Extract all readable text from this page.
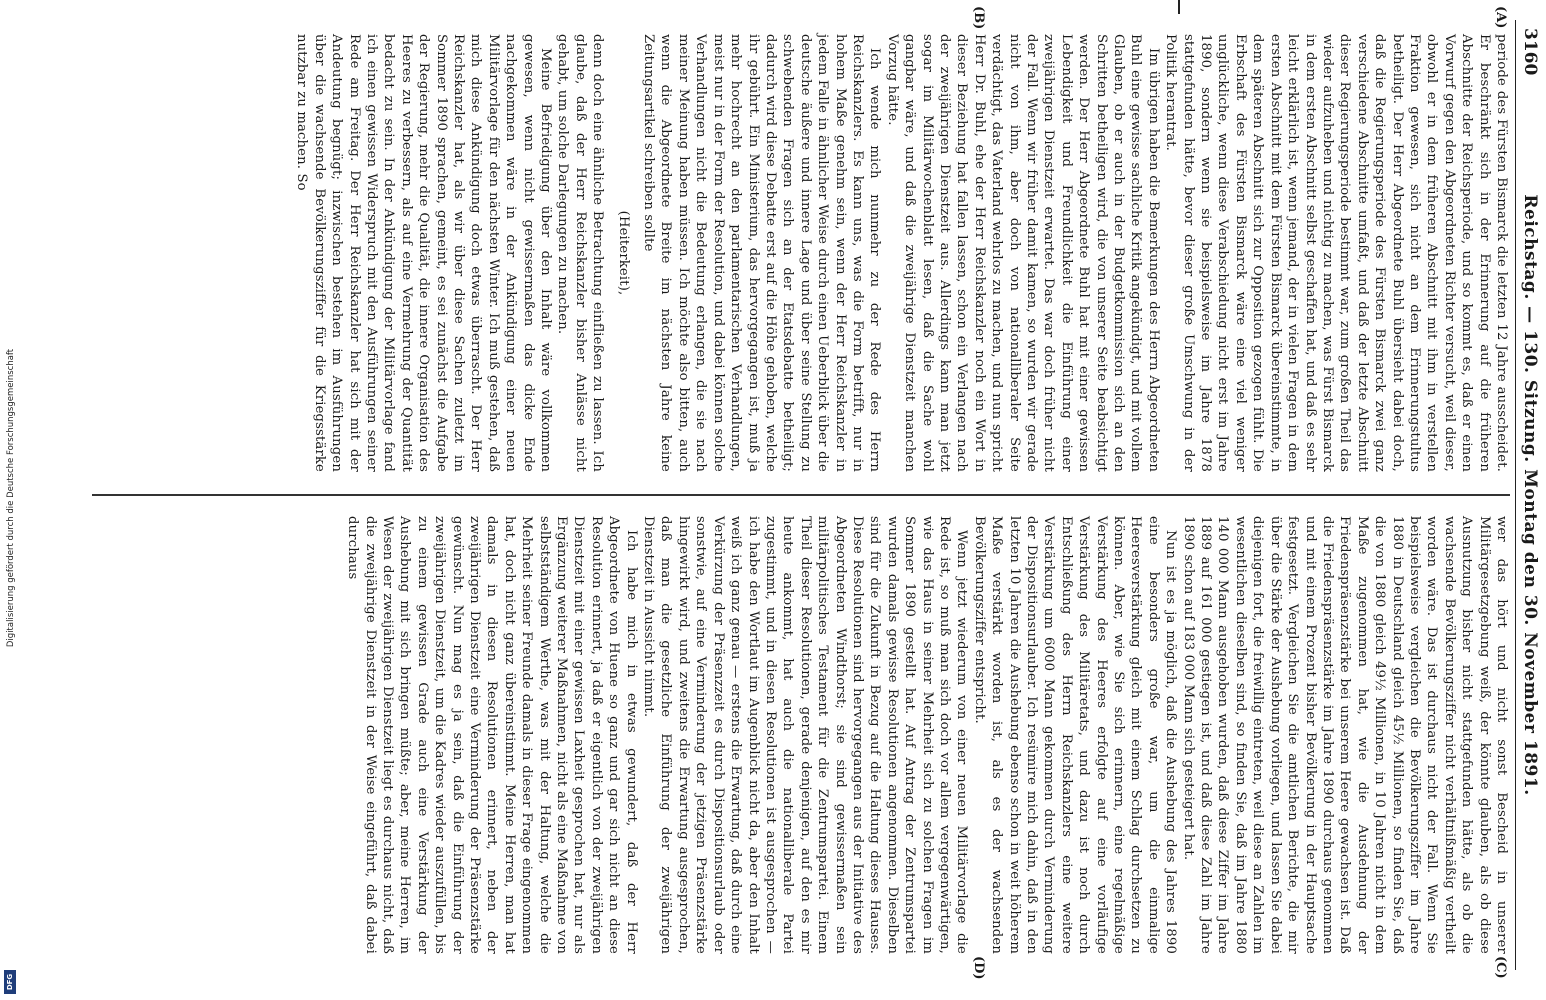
Digitalisierung gefördert durch die Deutsche Forschungsgemeinschaft
DFG
3160
Reichstag. — 130. Sitzung. Montag den 30. November 1891.
(A)
(B)
(C)
(D)

periode des Fürsten Bismarck die letzten 12 Jahre ausscheidet. Er beschränkt sich in der Erinnerung auf die früheren Abschnitte der Reichsperiode, und so kommt es, daß er einen Vorwurf gegen den Abgeordneten Richter versucht, weil dieser, obwohl er in dem früheren Abschnitt mit ihm in verstellen Fraktion gewesen, sich nicht an dem Erinnerungstultus betheiligt. Der Herr Abgeordnete Buhl übersieht dabei doch, daß die Regierungsperiode des Fürsten Bismarck zwei ganz verschiedene Abschnitte umfaßt, und daß der letzte Abschnitt dieser Regierungsperiode bestimmt war, zum großen Theil das wieder aufzuheben und nichtig zu machen, was Fürst Bismarck in dem ersten Abschnitt selbst geschaffen hat, und daß es sehr leicht erklärlich ist, wenn jemand, der in vielen Fragen in dem ersten Abschnitt mit dem Fürsten Bismarck übereinstimmte, in dem späteren Abschnitt sich zur Opposition gezogen fühlt. Die Erbschaft des Fürsten Bismarck wäre eine viel weniger unglückliche, wenn diese Verabschiedung nicht erst im Jahre 1890, sondern wenn sie beispielsweise im Jahre 1878 stattgefunden hätte, bevor dieser große Umschwung in der Politik herantrat.

Im übrigen haben die Bemerkungen des Herrn Abgeordneten Buhl eine gewisse sachliche Kritik angekündigt, und mit vollem Glauben, ob er auch in der Budgetkommission sich an den Schritten betheiligen wird, die von unserer Seite beabsichtigt werden. Der Herr Abgeordnete Buhl hat mit einer gewissen Lebendigkeit und Freundlichkeit die Einführung einer zweijährigen Dienstzeit erwartet. Das war doch früher nicht der Fall. Wenn wir früher damit kamen, so wurden wir gerade nicht von ihm, aber doch von nationalliberaler Seite verdächtigt, das Vaterland wehrlos zu machen, und nun spricht Herr Dr. Buhl, ehe der Herr Reichskanzler noch ein Wort in dieser Beziehung hat fallen lassen, schon ein Verlangen nach der zweijährigen Dienstzeit aus. Allerdings kann man jetzt sogar im Militärwochenblatt lesen, daß die Sache wohl gangbar wäre, und daß die zweijährige Dienstzeit manchen Vorzug hätte.

Ich wende mich nunmehr zu der Rede des Herrn Reichskanzlers. Es kann uns, was die Form betrifft, nur in hohem Maße genehm sein, wenn der Herr Reichskanzler in jedem Falle in ähnlicher Weise durch einen Ueberblick über die deutsche äußere und innere Lage und über seine Stellung zu schwebenden Fragen sich an der Etatsdebatte betheiligt; dadurch wird diese Debatte erst auf die Höhe gehoben, welche ihr gebührt. Ein Ministerium, das hervorgegangen ist, muß ja mehr hochrecht an den parlamentarischen Verhandlungen, meist nur in der Form der Resolution, und dabei können solche Verhandlungen nicht die Bedeutung erlangen, die sie nach meiner Meinung haben müssen. Ich möchte also bitten, auch wenn die Abgeordnete Breite im nächsten Jahre keine Zeitungsartikel schreiben sollte

(Heiterkeit),

denn doch eine ähnliche Betrachtung einfließen zu lassen. Ich glaube, daß der Herr Reichskanzler bisher Anlässe nicht gehabt, um solche Darlegungen zu machen.

Meine Befriedigung über den Inhalt wäre vollkommen gewesen, wenn nicht gewissermaßen das dicke Ende nachgekommen wäre in der Ankündigung einer neuen Militärvorlage für den nächsten Winter. Ich muß gestehen, daß mich diese Ankündigung doch etwas überrascht. Der Herr Reichskanzler hat, als wir über diese Sachen zuletzt im Sommer 1890 sprachen, gemeint, es sei zunächst die Aufgabe der Regierung, mehr die Qualität, die innere Organisation des Heeres zu verbessern, als auf eine Vermehrung der Quantität bedacht zu sein. In der Ankündigung der Militärvorlage fand ich einen gewissen Widerspruch mit den Ausführungen seiner Rede am Freitag. Der Herr Reichskanzler hat sich mit der Andeutung begnügt; inzwischen bestehen im Ausführungen über die wachsende Bevölkerungsziffer für die Kriegsstärke nutzbar zu machen. So

wer das hört und nicht sonst Bescheid in unserer Militärgesetzgebung weiß, der könnte glauben, als ob diese Ausnutzung bisher nicht stattgefunden hätte, als ob die wachsende Bevölkerungsziffer nicht verhältnißmäßig vertheilt worden wäre. Das ist durchaus nicht der Fall. Wenn Sie beispielsweise vergleichen die Bevölkerungsziffer im Jahre 1880 in Deutschland gleich 45½ Millionen, so finden Sie, daß die von 1880 gleich 49½ Millionen, in 10 Jahren nicht in dem Maße zugenommen hat, wie die Ausdehnung der Friedenspräsenzstärke bei unserem Heere gewachsen ist. Daß die Friedenspräsenzstärke im Jahre 1890 durchaus genommen und mit einem Prozent bisher Bevölkerung in der Hauptsache festgesetzt. Vergleichen Sie die amtlichen Berichte, die mir über die Stärke der Aushebung vorliegen, und lassen Sie dabei diejenigen fort, die freiwillig eintreten, weil diese an Zahlen im wesentlichen dieselben sind, so finden Sie, daß im Jahre 1880 140 000 Mann ausgehoben wurden, daß diese Ziffer im Jahre 1889 auf 161 000 gestiegen ist, und daß diese Zahl im Jahre 1890 schon auf 183 000 Mann sich gesteigert hat.

Nun ist es ja möglich, daß die Aushebung des Jahres 1890 eine besonders große war, um die einmalige Heeresverstärkung gleich mit einem Schlag durchsetzen zu können. Aber, wie Sie sich erinnern, eine regelmäßige Verstärkung des Heeres erfolgte auf eine vorläufige Verstärkung des Militäretats, und dazu ist noch durch Entschließung des Herrn Reichskanzlers eine weitere Verstärkung um 6000 Mann gekommen durch Verminderung der Dispositionsurlauber. Ich resümire mich dahin, daß in den letzten 10 Jahren die Aushebung ebenso schon in weit höherem Maße verstärkt worden ist, als es der wachsenden Bevölkerungsziffer entspricht.

Wenn jetzt wiederum von einer neuen Militärvorlage die Rede ist, so muß man sich doch vor allem vergegenwärtigen, wie das Haus in seiner Mehrheit sich zu solchen Fragen im Sommer 1890 gestellt hat. Auf Antrag der Zentrumspartei wurden damals gewisse Resolutionen angenommen. Dieselben sind für die Zukunft in Bezug auf die Haltung dieses Hauses. Diese Resolutionen sind hervorgegangen aus der Initiative des Abgeordneten Windthorst; sie sind gewissermaßen sein militärpolitisches Testament für die Zentrumspartei. Einem Theil dieser Resolutionen, gerade denjenigen, auf den es mir heute ankommt, hat auch die nationalliberale Partei zugestimmt, und in diesen Resolutionen ist ausgesprochen — ich habe den Wortlaut im Augenblick nicht da, aber den Inhalt weiß ich ganz genau — erstens die Erwartung, daß durch eine Verkürzung der Präsenzzeit es durch Dispositionsurlaub oder sonstwie, auf eine Verminderung der jetzigen Präsenzstärke hingewirkt wird, und zweitens die Erwartung ausgesprochen, daß man die gesetzliche Einführung der zweijährigen Dienstzeit in Aussicht nimmt.

Ich habe mich in etwas gewundert, daß der Herr Abgeordnete von Huene so ganz und gar sich nicht an diese Resolution erinnert, ja daß er eigentlich von der zweijährigen Dienstzeit mit einer gewissen Laxheit gesprochen hat, nur als Ergänzung weiterer Maßnahmen, nicht als eine Maßnahme von selbstständigem Werthe, was mit der Haltung, welche die Mehrheit seiner Freunde damals in dieser Frage eingenommen hat, doch nicht ganz übereinstimmt. Meine Herren, man hat damals in diesen Resolutionen erinnert, neben der zweijährigen Dienstzeit eine Verminderung der Präsenzstärke gewünscht. Nun mag es ja sein, daß die Einführung der zweijährigen Dienstzeit, um die Kadres wieder auszufüllen, bis zu einem gewissen Grade auch eine Verstärkung der Aushebung mit sich bringen müßte; aber, meine Herren, im Wesen der zweijährigen Dienstzeit liegt es durchaus nicht, daß die zweijährige Dienstzeit in der Weise eingeführt, daß dabei durchaus
